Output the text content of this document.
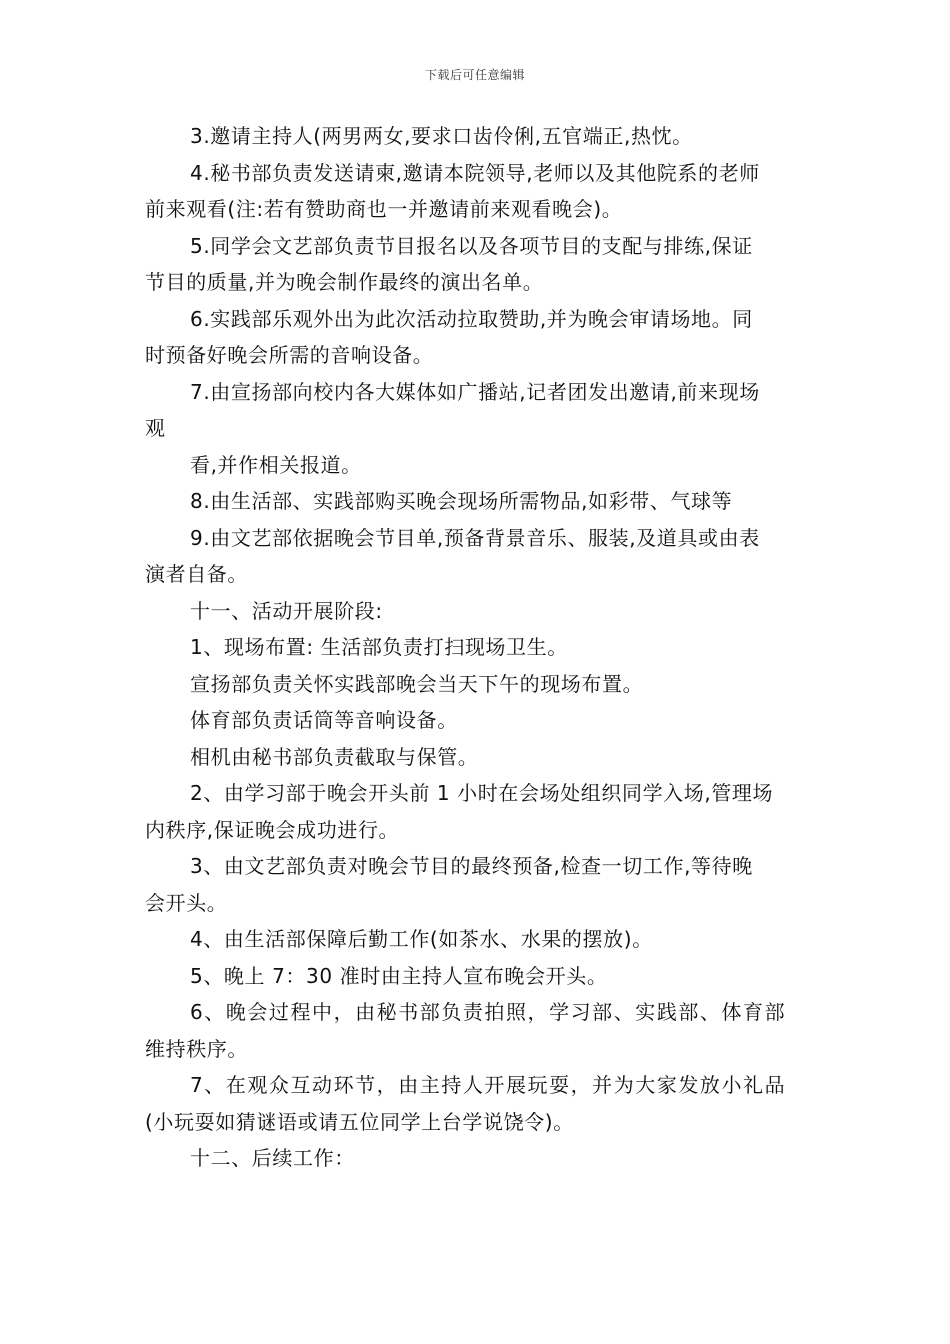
下载后可任意编辑

3.邀请主持人(两男两女,要求口齿伶俐,五官端正,热忱。

4.秘书部负责发送请柬,邀请本院领导,老师以及其他院系的老师

前来观看(注:若有赞助商也一并邀请前来观看晚会)。

5.同学会文艺部负责节目报名以及各项节目的支配与排练,保证

节目的质量,并为晚会制作最终的演出名单。

6.实践部乐观外出为此次活动拉取赞助,并为晚会审请场地。同

时预备好晚会所需的音响设备。

7.由宣扬部向校内各大媒体如广播站,记者团发出邀请,前来现场

观

看,并作相关报道。

8.由生活部、实践部购买晚会现场所需物品,如彩带、气球等

9.由文艺部依据晚会节目单,预备背景音乐、服装,及道具或由表

演者自备。

十一、活动开展阶段:

1、现场布置: 生活部负责打扫现场卫生。

宣扬部负责关怀实践部晚会当天下午的现场布置。

体育部负责话筒等音响设备。

相机由秘书部负责截取与保管。

2、由学习部于晚会开头前 1 小时在会场处组织同学入场,管理场

内秩序,保证晚会成功进行。

3、由文艺部负责对晚会节目的最终预备,检查一切工作,等待晚

会开头。

4、由生活部保障后勤工作(如茶水、水果的摆放)。

5、晚上 7：30 准时由主持人宣布晚会开头。

6、晚会过程中，由秘书部负责拍照，学习部、实践部、体育部

维持秩序。

7、在观众互动环节，由主持人开展玩耍，并为大家发放小礼品

(小玩耍如猜谜语或请五位同学上台学说饶令)。

十二、后续工作：
